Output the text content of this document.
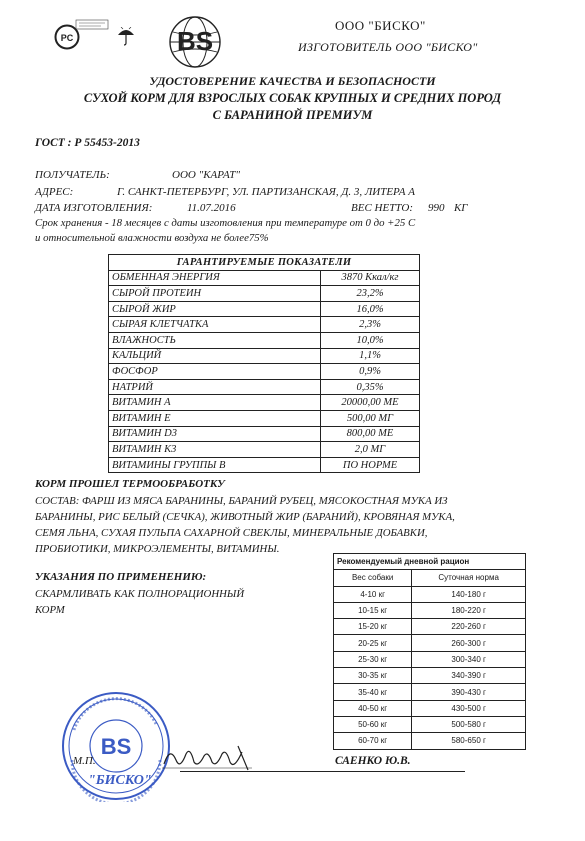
PC	BS
ООО "БИСКО"
ИЗГОТОВИТЕЛЬ ООО "БИСКО"
УДОСТОВЕРЕНИЕ КАЧЕСТВА И БЕЗОПАСНОСТИ
СУХОЙ КОРМ ДЛЯ ВЗРОСЛЫХ СОБАК КРУПНЫХ И СРЕДНИХ ПОРОД
С БАРАНИНОЙ ПРЕМИУМ
ГОСТ : Р 55453-2013
ПОЛУЧАТЕЛЬ:	ООО "КАРАТ"
АДРЕС:	Г. САНКТ-ПЕТЕРБУРГ, УЛ. ПАРТИЗАНСКАЯ, Д. 3, ЛИТЕРА А
ДАТА ИЗГОТОВЛЕНИЯ:	11.07.2016	ВЕС НЕТТО: 990 КГ
Срок хранения - 18 месяцев с даты изготовления при температуре от 0 до +25 С
и относительной влажности воздуха не более75%
ГАРАНТИРУЕМЫЕ ПОКАЗАТЕЛИ	
ОБМЕННАЯ ЭНЕРГИЯ	3870 Ккал/кг
СЫРОЙ ПРОТЕИН	23,2%
СЫРОЙ ЖИР	16,0%
СЫРАЯ КЛЕТЧАТКА	2,3%
ВЛАЖНОСТЬ	10,0%
КАЛЬЦИЙ	1,1%
ФОСФОР	0,9%
НАТРИЙ	0,35%
ВИТАМИН А	20000,00 МЕ
ВИТАМИН Е	500,00 МГ
ВИТАМИН D3	800,00 МЕ
ВИТАМИН К3	2,0 МГ
ВИТАМИНЫ ГРУППЫ В	ПО НОРМЕ
КОРМ ПРОШЕЛ ТЕРМООБРАБОТКУ
СОСТАВ: ФАРШ ИЗ МЯСА БАРАНИНЫ, БАРАНИЙ РУБЕЦ, МЯСОКОСТНАЯ МУКА ИЗ
БАРАНИНЫ, РИС БЕЛЫЙ (СЕЧКА), ЖИВОТНЫЙ ЖИР (БАРАНИЙ), КРОВЯНАЯ МУКА,
СЕМЯ ЛЬНА, СУХАЯ ПУЛЬПА САХАРНОЙ СВЕКЛЫ, МИНЕРАЛЬНЫЕ ДОБАВКИ,
ПРОБИОТИКИ, МИКРОЭЛЕМЕНТЫ, ВИТАМИНЫ.
УКАЗАНИЯ ПО ПРИМЕНЕНИЮ:
СКАРМЛИВАТЬ КАК ПОЛНОРАЦИОННЫЙ
КОРМ
Рекомендуемый дневной рацион	
Вес собаки	Суточная норма
4-10 кг	140-180 г
10-15 кг	180-220 г
15-20 кг	220-260 г
20-25 кг	260-300 г
25-30 кг	300-340 г
30-35 кг	340-390 г
35-40 кг	390-430 г
40-50 кг	430-500 г
50-60 кг	500-580 г
60-70 кг	580-650 г
BS
"БИСКО"
М.П.	САЕНКО Ю.В.
